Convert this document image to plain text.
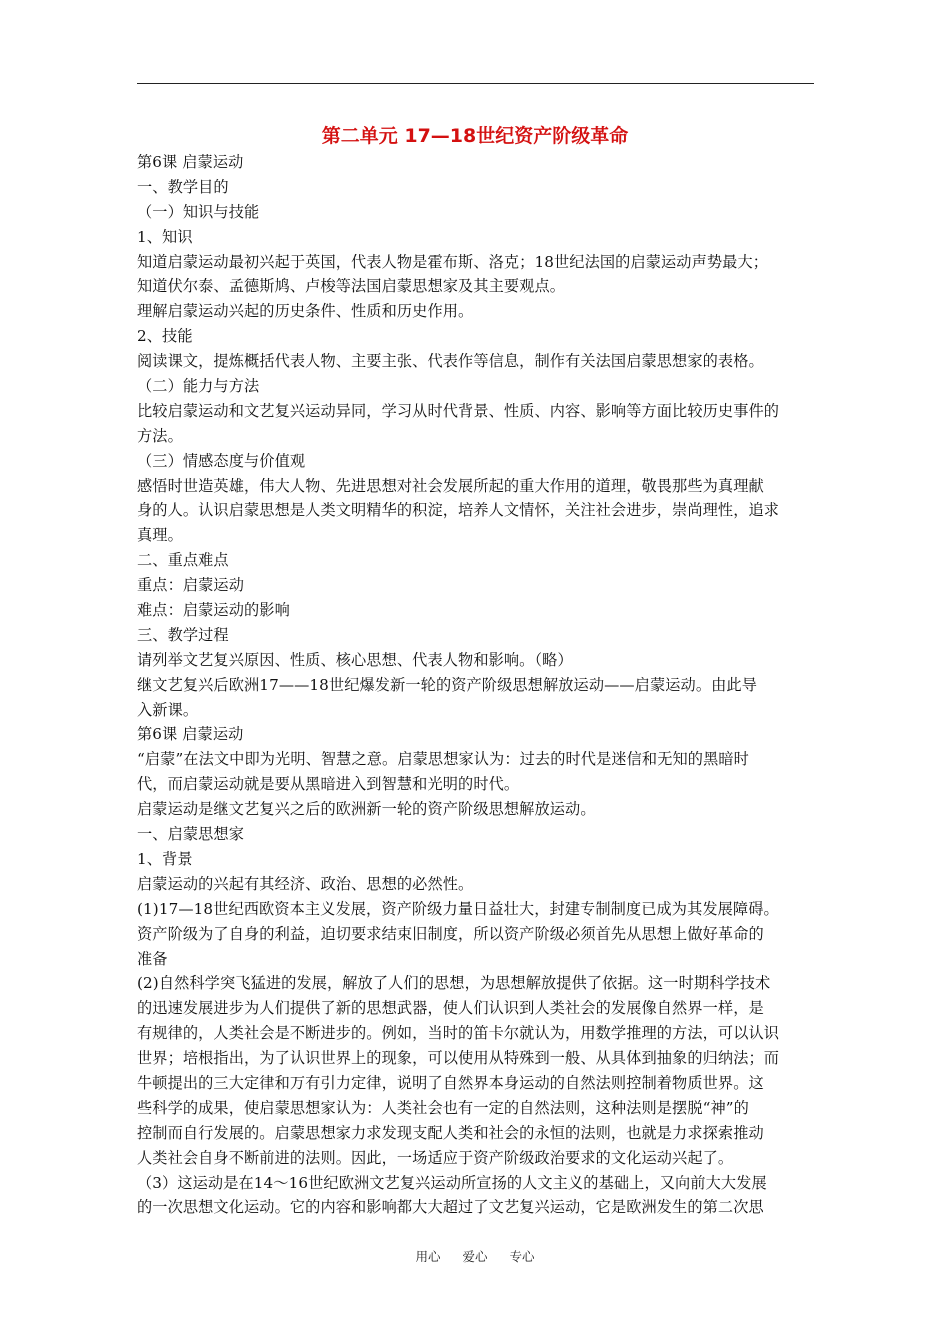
第二单元 17—18世纪资产阶级革命
第6课 启蒙运动
一、教学目的
（一）知识与技能
1、知识
知道启蒙运动最初兴起于英国，代表人物是霍布斯、洛克；18世纪法国的启蒙运动声势最大；
知道伏尔泰、孟德斯鸠、卢梭等法国启蒙思想家及其主要观点。
理解启蒙运动兴起的历史条件、性质和历史作用。
2、技能
阅读课文，提炼概括代表人物、主要主张、代表作等信息，制作有关法国启蒙思想家的表格。
（二）能力与方法
比较启蒙运动和文艺复兴运动异同，学习从时代背景、性质、内容、影响等方面比较历史事件的
方法。
（三）情感态度与价值观
感悟时世造英雄，伟大人物、先进思想对社会发展所起的重大作用的道理，敬畏那些为真理献
身的人。认识启蒙思想是人类文明精华的积淀，培养人文情怀，关注社会进步，崇尚理性，追求
真理。
二、重点难点
重点：启蒙运动
难点：启蒙运动的影响
三、教学过程
请列举文艺复兴原因、性质、核心思想、代表人物和影响。（略）
继文艺复兴后欧洲17——18世纪爆发新一轮的资产阶级思想解放运动——启蒙运动。由此导
入新课。
第6课 启蒙运动
“启蒙”在法文中即为光明、智慧之意。启蒙思想家认为：过去的时代是迷信和无知的黑暗时
代，而启蒙运动就是要从黑暗进入到智慧和光明的时代。
启蒙运动是继文艺复兴之后的欧洲新一轮的资产阶级思想解放运动。
一、启蒙思想家
1、背景
启蒙运动的兴起有其经济、政治、思想的必然性。
(1)17—18世纪西欧资本主义发展，资产阶级力量日益壮大，封建专制制度已成为其发展障碍。
资产阶级为了自身的利益，迫切要求结束旧制度，所以资产阶级必须首先从思想上做好革命的
准备
(2)自然科学突飞猛进的发展，解放了人们的思想，为思想解放提供了依据。这一时期科学技术
的迅速发展进步为人们提供了新的思想武器，使人们认识到人类社会的发展像自然界一样，是
有规律的，人类社会是不断进步的。例如，当时的笛卡尔就认为，用数学推理的方法，可以认识
世界；培根指出，为了认识世界上的现象，可以使用从特殊到一般、从具体到抽象的归纳法；而
牛顿提出的三大定律和万有引力定律，说明了自然界本身运动的自然法则控制着物质世界。这
些科学的成果，使启蒙思想家认为：人类社会也有一定的自然法则，这种法则是摆脱“神”的
控制而自行发展的。启蒙思想家力求发现支配人类和社会的永恒的法则，也就是力求探索推动
人类社会自身不断前进的法则。因此，一场适应于资产阶级政治要求的文化运动兴起了。
（3）这运动是在14～16世纪欧洲文艺复兴运动所宣扬的人文主义的基础上，又向前大大发展
的一次思想文化运动。它的内容和影响都大大超过了文艺复兴运动，它是欧洲发生的第二次思
用心 爱心 专心
